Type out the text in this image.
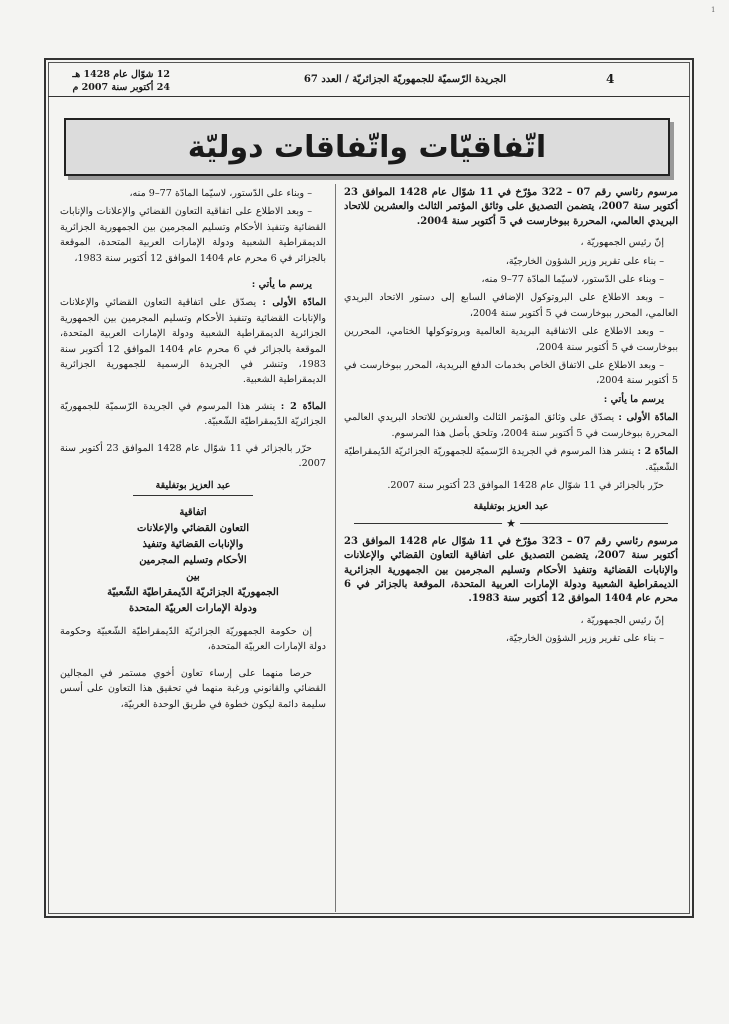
1
12 شوّال عام 1428 هـ
24 أكتوبر سنة 2007 م
الجريدة الرّسميّة للجمهوريّة الجزائريّة / العدد 67	4
اتّفاقيّات واتّفاقات دوليّة

مرسوم رئاسي رقم 07 – 322 مؤرّخ في 11 شوّال عام 1428 الموافق 23 أكتوبر سنة 2007، يتضمن التصديق على وثائق المؤتمر الثالث والعشرين للاتحاد البريدي العالمي، المحررة ببوخارست في 5 أكتوبر سنة 2004.

إنّ رئيس الجمهوريّة ،

– بناء على تقرير وزير الشؤون الخارجيّة،

– وبناء على الدّستور، لاسيّما المادّة 77–9 منه،

– وبعد الاطلاع على البروتوكول الإضافي السابع إلى دستور الاتحاد البريدي العالمي، المحرر ببوخارست في 5 أكتوبر سنة 2004،

– وبعد الاطلاع على الاتفاقية البريدية العالمية وبروتوكولها الختامي، المحررين ببوخارست في 5 أكتوبر سنة 2004،

– وبعد الاطلاع على الاتفاق الخاص بخدمات الدفع البريدية، المحرر ببوخارست في 5 أكتوبر سنة 2004،

يرسم ما يأتي :

المادّة الأولى : يصدّق على وثائق المؤتمر الثالث والعشرين للاتحاد البريدي العالمي المحررة ببوخارست في 5 أكتوبر سنة 2004، وتلحق بأصل هذا المرسوم.

المادّة 2 : ينشر هذا المرسوم في الجريدة الرّسميّة للجمهوريّة الجزائريّة الدّيمقراطيّة الشّعبيّة.

حرّر بالجزائر في 11 شوّال عام 1428 الموافق 23 أكتوبر سنة 2007.

عبد العزيز بوتفليقة
★

مرسوم رئاسي رقم 07 – 323 مؤرّخ في 11 شوّال عام 1428 الموافق 23 أكتوبر سنة 2007، يتضمن التصديق على اتفاقية التعاون القضائي والإعلانات والإنابات القضائية وتنفيذ الأحكام وتسليم المجرمين بين الجمهورية الجزائرية الديمقراطية الشعبية ودولة الإمارات العربية المتحدة، الموقعة بالجزائر في 6 محرم عام 1404 الموافق 12 أكتوبر سنة 1983.

إنّ رئيس الجمهوريّة ،

– بناء على تقرير وزير الشؤون الخارجيّة،

– وبناء على الدّستور، لاسيّما المادّة 77–9 منه،

– وبعد الاطلاع على اتفاقية التعاون القضائي والإعلانات والإنابات القضائية وتنفيذ الأحكام وتسليم المجرمين بين الجمهورية الجزائرية الديمقراطية الشعبية ودولة الإمارات العربية المتحدة، الموقعة بالجزائر في 6 محرم عام 1404 الموافق 12 أكتوبر سنة 1983،

يرسم ما يأتي :

المادّة الأولى : يصدّق على اتفاقية التعاون القضائي والإعلانات والإنابات القضائية وتنفيذ الأحكام وتسليم المجرمين بين الجمهورية الجزائرية الديمقراطية الشعبية ودولة الإمارات العربية المتحدة، الموقعة بالجزائر في 6 محرم عام 1404 الموافق 12 أكتوبر سنة 1983، وتنشر في الجريدة الرسمية للجمهورية الجزائرية الديمقراطية الشعبية.

المادّة 2 : ينشر هذا المرسوم في الجريدة الرّسميّة للجمهوريّة الجزائريّة الدّيمقراطيّة الشّعبيّة.

حرّر بالجزائر في 11 شوّال عام 1428 الموافق 23 أكتوبر سنة 2007.

عبد العزيز بوتفليقة

اتفاقية

التعاون القضائي والإعلانات

والإنابات القضائية وتنفيذ

الأحكام وتسليم المجرمين

بين

الجمهوريّة الجزائريّة الدّيمقراطيّة الشّعبيّة

ودولة الإمارات العربيّة المتحدة

إن حكومة الجمهوريّة الجزائريّة الدّيمقراطيّة الشّعبيّة وحكومة دولة الإمارات العربيّة المتحدة،

حرصا منهما على إرساء تعاون أخوي مستمر في المجالين القضائي والقانوني ورغبة منهما في تحقيق هذا التعاون على أسس سليمة دائمة ليكون خطوة في طريق الوحدة العربيّة،
